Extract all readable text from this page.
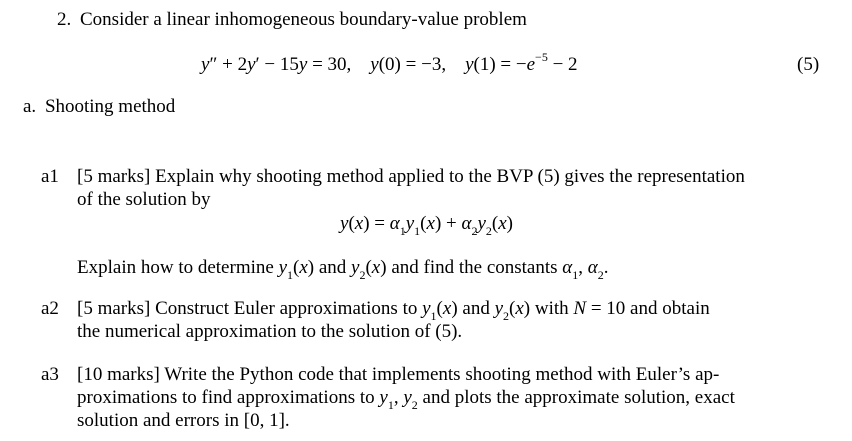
2. Consider a linear inhomogeneous boundary-value problem
y″ + 2y′ − 15y = 30,    y(0) = −3,    $y(1) = -e^{-5} - 2$	(5)
a. Shooting method
a1 [5 marks] Explain why shooting method applied to the BVP (5) gives the representation
of the solution by
$y(x) = \alpha_1y_1(x) + \alpha_2y_2(x)$
Explain how to determine $y_1(x)$ and $y_2(x)$ and find the constants $\alpha_1$, $\alpha_2$.
a2 [5 marks] Construct Euler approximations to $y_1(x)$ and $y_2(x)$ with N = 10 and obtain
the numerical approximation to the solution of (5).
a3 [10 marks] Write the Python code that implements shooting method with Euler’s ap-
proximations to find approximations to $y_1$, $y_2$ and plots the approximate solution, exact
solution and errors in [0, 1].
